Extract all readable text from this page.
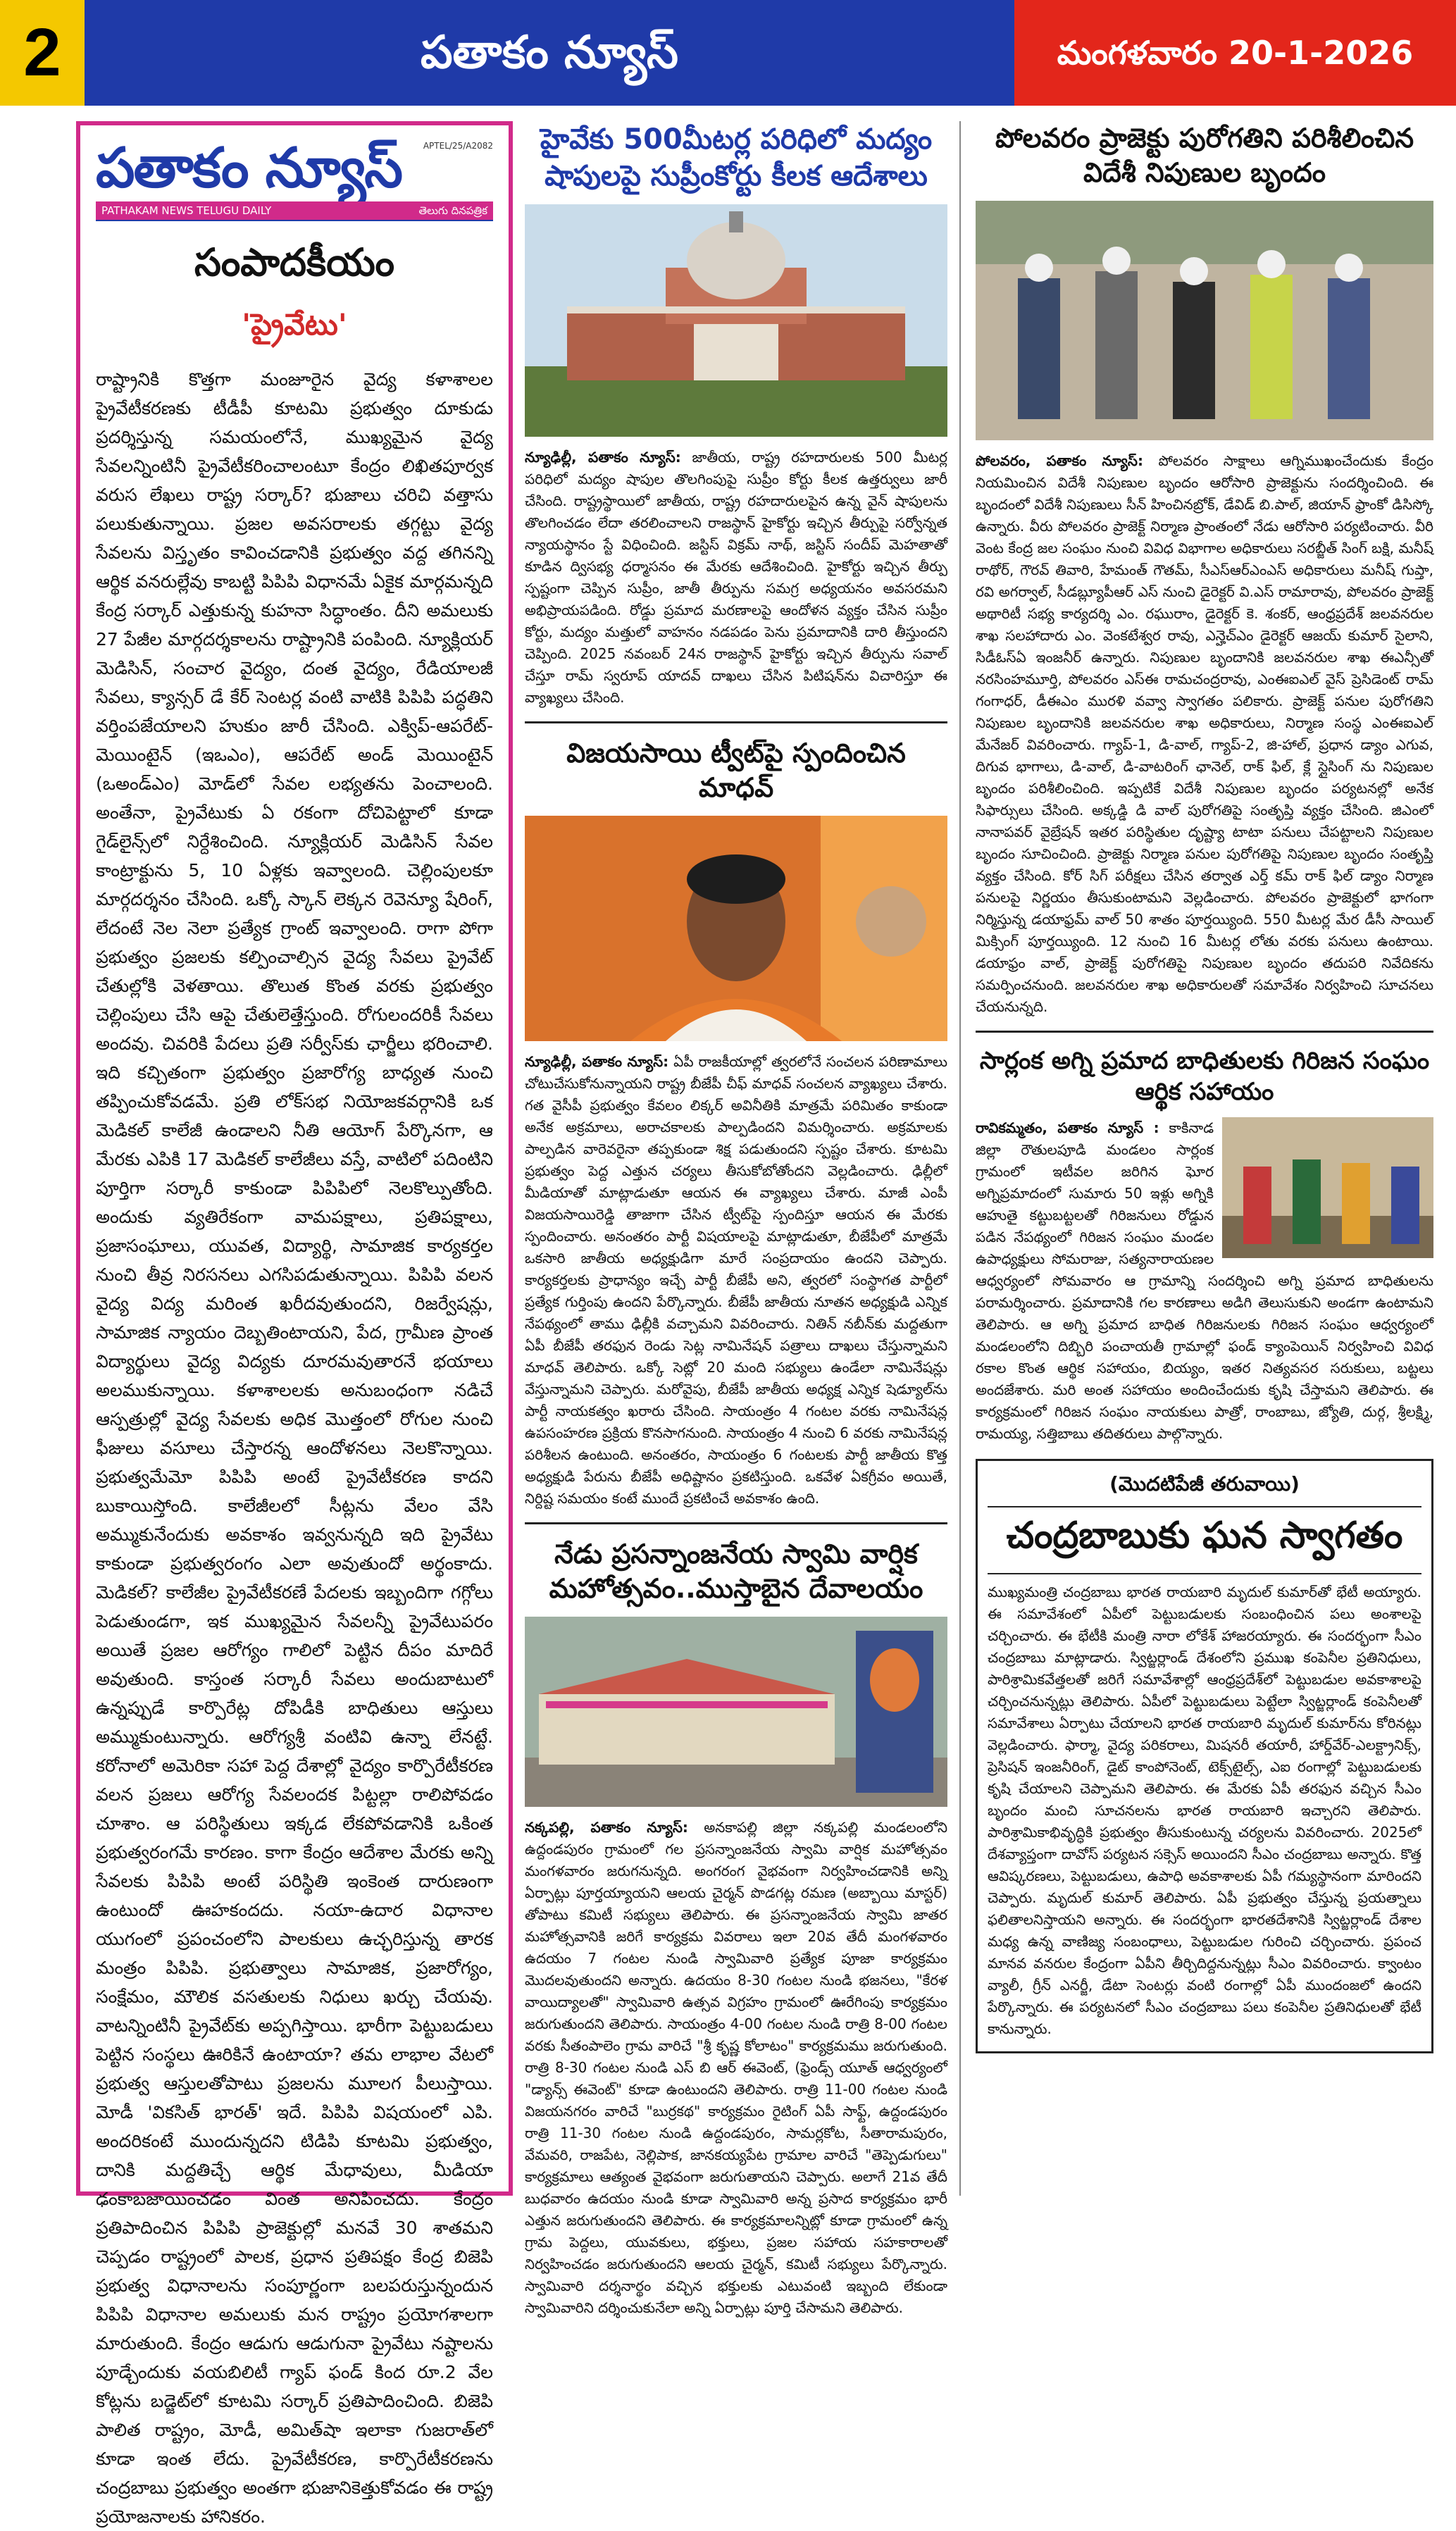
2	పతాకం న్యూస్	మంగళవారం 20-1-2026
పతాకం న్యూస్	APTEL/25/A2082
PATHAKAM NEWS TELUGU DAILY	తెలుగు దినపత్రిక
సంపాదకీయం
'ప్రైవేటు'
రాష్ట్రానికి కొత్తగా మంజూరైన వైద్య కళాశాలల ప్రైవేటీకరణకు టీడీపీ కూటమి ప్రభుత్వం దూకుడు ప్రదర్శిస్తున్న సమయంలోనే, ముఖ్యమైన వైద్య సేవలన్నింటినీ ప్రైవేటీకరించాలంటూ కేంద్రం లిఖితపూర్వక వరుస లేఖలు రాష్ట్ర సర్కార్‌? భుజాలు చరిచి వత్తాసు పలుకుతున్నాయి. ప్రజల అవసరాలకు తగ్గట్టు వైద్య సేవలను విస్తృతం కావించడానికి ప్రభుత్వం వద్ద తగినన్ని ఆర్థిక వనరుల్లేవు కాబట్టి పిపిపి విధానమే ఏకైక మార్గమన్నది కేంద్ర సర్కార్ ఎత్తుకున్న కుహనా సిద్ధాంతం. దీని అమలుకు 27 పేజీల మార్గదర్శకాలను రాష్ట్రానికి పంపింది. న్యూక్లియర్ మెడిసిన్, సంచార వైద్యం, దంత వైద్యం, రేడియాలజీ సేవలు, క్యాన్సర్ డే కేర్ సెంటర్ల వంటి వాటికి పిపిపి పద్ధతిని వర్తింపజేయాలని హుకుం జారీ చేసింది. ఎక్విప్-ఆపరేట్-మెయింటైన్ (ఇఒఎం), ఆపరేట్ అండ్ మెయింటైన్ (ఒఅండ్ఎం) మోడ్‌లో సేవల లభ్యతను పెంచాలంది. అంతేనా, ప్రైవేటుకు ఏ రకంగా దోచిపెట్టాలో కూడా గైడ్‌లైన్స్‌లో నిర్దేశించింది. న్యూక్లియర్ మెడిసిన్ సేవల కాంట్రాక్టును 5, 10 ఏళ్లకు ఇవ్వాలంది. చెల్లింపులకూ మార్గదర్శనం చేసింది. ఒక్కో స్కాన్ లెక్కన రెవెన్యూ షేరింగ్, లేదంటే నెల నెలా ప్రత్యేక గ్రాంట్ ఇవ్వాలంది. రాగా పోగా ప్రభుత్వం ప్రజలకు కల్పించాల్సిన వైద్య సేవలు ప్రైవేట్ చేతుల్లోకి వెళతాయి. తొలుత కొంత వరకు ప్రభుత్వం చెల్లింపులు చేసి ఆపై చేతులెత్తేస్తుంది. రోగులందరికీ సేవలు అందవు. చివరికి పేదలు ప్రతి సర్వీస్‌కు ఛార్జీలు భరించాలి. ఇది కచ్చితంగా ప్రభుత్వం ప్రజారోగ్య బాధ్యత నుంచి తప్పించుకోవడమే. ప్రతి లోక్‌సభ నియోజకవర్గానికి ఒక మెడికల్ కాలేజీ ఉండాలని నీతి ఆయోగ్ పేర్కొనగా, ఆ మేరకు ఎపికి 17 మెడికల్ కాలేజీలు వస్తే, వాటిలో పదింటిని పూర్తిగా సర్కారీ కాకుండా పిపిపిలో నెలకొల్పుతోంది. అందుకు వ్యతిరేకంగా వామపక్షాలు, ప్రతిపక్షాలు, ప్రజాసంఘాలు, యువత, విద్యార్థి, సామాజిక కార్యకర్తల నుంచి తీవ్ర నిరసనలు ఎగసిపడుతున్నాయి. పిపిపి వలన వైద్య విద్య మరింత ఖరీదవుతుందని, రిజర్వేషన్లు, సామాజిక న్యాయం దెబ్బతింటాయని, పేద, గ్రామీణ ప్రాంత విద్యార్థులు వైద్య విద్యకు దూరమవుతారనే భయాలు అలముకున్నాయి. కళాశాలలకు అనుబంధంగా నడిచే ఆస్పత్రుల్లో వైద్య సేవలకు అధిక మొత్తంలో రోగుల నుంచి ఫీజులు వసూలు చేస్తారన్న ఆందోళనలు నెలకొన్నాయి. ప్రభుత్వమేమో పిపిపి అంటే ప్రైవేటీకరణ కాదని బుకాయిస్తోంది. కాలేజీలలో సీట్లను వేలం వేసి అమ్ముకునేందుకు అవకాశం ఇవ్వనున్నది ఇది ప్రైవేటు కాకుండా ప్రభుత్వరంగం ఎలా అవుతుందో అర్థంకాదు. మెడికల్? కాలేజీల ప్రైవేటీకరణే పేదలకు ఇబ్బందిగా గగ్గోలు పెడుతుండగా, ఇక ముఖ్యమైన సేవలన్నీ ప్రైవేటుపరం అయితే ప్రజల ఆరోగ్యం గాలిలో పెట్టిన దీపం మాదిరే అవుతుంది. కాస్తంత సర్కారీ సేవలు అందుబాటులో ఉన్నప్పుడే కార్పొరేట్ల దోపిడీకి బాధితులు ఆస్తులు అమ్ముకుంటున్నారు. ఆరోగ్యశ్రీ వంటివి ఉన్నా లేనట్టే. కరోనాలో అమెరికా సహా పెద్ద దేశాల్లో వైద్యం కార్పొరేటీకరణ వలన ప్రజలు ఆరోగ్య సేవలందక పిట్టల్లా రాలిపోవడం చూశాం. ఆ పరిస్థితులు ఇక్కడ లేకపోవడానికి ఒకింత ప్రభుత్వరంగమే కారణం. కాగా కేంద్రం ఆదేశాల మేరకు అన్ని సేవలకు పిపిపి అంటే పరిస్థితి ఇంకెంత దారుణంగా ఉంటుందో ఊహకందదు. నయా-ఉదార విధానాల యుగంలో ప్రపంచంలోని పాలకులు ఉచ్ఛరిస్తున్న తారక మంత్రం పిపిపి. ప్రభుత్వాలు సామాజిక, ప్రజారోగ్యం, సంక్షేమం, మౌలిక వసతులకు నిధులు ఖర్చు చేయవు. వాటన్నింటినీ ప్రైవేట్‌కు అప్పగిస్తాయి. భారీగా పెట్టుబడులు పెట్టిన సంస్థలు ఊరికినే ఉంటాయా? తమ లాభాల వేటలో ప్రభుత్వ ఆస్తులతోపాటు ప్రజలను మూలగ పీలుస్తాయి. మోడీ 'వికసిత్ భారత్' ఇదే. పిపిపి విషయంలో ఎపి. అందరికంటే ముందున్నదని టిడిపి కూటమి ప్రభుత్వం, దానికి మద్దతిచ్చే ఆర్థిక మేధావులు, మీడియా ఢంకాబజాయించడం వింత అనిపించదు. కేంద్రం ప్రతిపాదించిన పిపిపి ప్రాజెక్టుల్లో మనవే 30 శాతమని చెప్పడం రాష్ట్రంలో పాలక, ప్రధాన ప్రతిపక్షం కేంద్ర బిజెపి ప్రభుత్వ విధానాలను సంపూర్ణంగా బలపరుస్తున్నందున పిపిపి విధానాల అమలుకు మన రాష్ట్రం ప్రయోగశాలగా మారుతుంది. కేంద్రం ఆడుగు ఆడుగునా ప్రైవేటు నష్టాలను పూడ్చేందుకు వయబిలిటీ గ్యాప్ ఫండ్ కింద రూ.2 వేల కోట్లను బడ్జెట్‌లో కూటమి సర్కార్ ప్రతిపాదించింది. బిజెపి పాలిత రాష్ట్రం, మోడీ, అమిత్‌షా ఇలాకా గుజరాత్‌లో కూడా ఇంత లేదు. ప్రైవేటీకరణ, కార్పొరేటీకరణను చంద్రబాబు ప్రభుత్వం అంతగా భుజానికెత్తుకోవడం ఈ రాష్ట్ర ప్రయోజనాలకు హానికరం.
హైవేకు 500మీటర్ల పరిధిలో మద్యం షాపులపై సుప్రీంకోర్టు కీలక ఆదేశాలు
న్యూఢిల్లీ, పతాకం న్యూస్: జాతీయ, రాష్ట్ర రహదారులకు 500 మీటర్ల పరిధిలో మద్యం షాపుల తొలగింపుపై సుప్రీం కోర్టు కీలక ఉత్తర్వులు జారీ చేసింది. రాష్ట్రస్థాయిలో జాతీయ, రాష్ట్ర రహదారులపైన ఉన్న వైన్ షాపులను తొలగించడం లేదా తరలించాలని రాజస్థాన్ హైకోర్టు ఇచ్చిన తీర్పుపై సర్వోన్నత న్యాయస్థానం స్టే విధించింది. జస్టిస్ విక్రమ్ నాథ్, జస్టిస్ సందీప్ మెహతాతో కూడిన ద్విసభ్య ధర్మాసనం ఈ మేరకు ఆదేశించింది. హైకోర్టు ఇచ్చిన తీర్పు స్పష్టంగా చెప్పిన సుప్రీం, జాతీ తీర్పును సమగ్ర అధ్యయనం అవసరమని అభిప్రాయపడింది. రోడ్డు ప్రమాద మరణాలపై ఆందోళన వ్యక్తం చేసిన సుప్రీం కోర్టు, మద్యం మత్తులో వాహనం నడపడం పెను ప్రమాదానికి దారి తీస్తుందని చెప్పింది. 2025 నవంబర్ 24న రాజస్థాన్ హైకోర్టు ఇచ్చిన తీర్పును సవాల్ చేస్తూ రామ్ స్వరూప్ యాదవ్ దాఖలు చేసిన పిటిషన్‌ను విచారిస్తూ ఈ వ్యాఖ్యలు చేసింది.
విజయసాయి ట్వీట్‌పై స్పందించిన మాధవ్
న్యూఢిల్లీ, పతాకం న్యూస్: ఏపీ రాజకీయాల్లో త్వరలోనే సంచలన పరిణామాలు చోటుచేసుకోనున్నాయని రాష్ట్ర బీజేపీ చీఫ్ మాధవ్ సంచలన వ్యాఖ్యలు చేశారు. గత వైసీపీ ప్రభుత్వం కేవలం లిక్కర్ అవినీతికి మాత్రమే పరిమితం కాకుండా అనేక అక్రమాలు, అరాచకాలకు పాల్పడిందని విమర్శించారు. అక్రమాలకు పాల్పడిన వారెవరైనా తప్పకుండా శిక్ష పడుతుందని స్పష్టం చేశారు. కూటమి ప్రభుత్వం పెద్ద ఎత్తున చర్యలు తీసుకోబోతోందని వెల్లడించారు. ఢిల్లీలో మీడియాతో మాట్లాడుతూ ఆయన ఈ వ్యాఖ్యలు చేశారు. మాజీ ఎంపీ విజయసాయిరెడ్డి తాజాగా చేసిన ట్వీట్‌పై స్పందిస్తూ ఆయన ఈ మేరకు స్పందించారు. అనంతరం పార్టీ విషయాలపై మాట్లాడుతూ, బీజేపీలో మాత్రమే ఒకసారి జాతీయ అధ్యక్షుడిగా మారే సంప్రదాయం ఉందని చెప్పారు. కార్యకర్తలకు ప్రాధాన్యం ఇచ్చే పార్టీ బీజేపీ అని, త్వరలో సంస్థాగత పార్టీలో ప్రత్యేక గుర్తింపు ఉందని పేర్కొన్నారు. బీజేపీ జాతీయ నూతన అధ్యక్షుడి ఎన్నిక నేపథ్యంలో తాము ఢిల్లీకి వచ్చామని వివరించారు. నితిన్ నబీన్‌కు మద్దతుగా ఏపీ బీజేపీ తరఫున రెండు సెట్ల నామినేషన్ పత్రాలు దాఖలు చేస్తున్నామని మాధవ్ తెలిపారు. ఒక్కో సెట్లో 20 మంది సభ్యులు ఉండేలా నామినేషన్లు వేస్తున్నామని చెప్పారు. మరోవైపు, బీజేపీ జాతీయ అధ్యక్ష ఎన్నిక షెడ్యూల్‌ను పార్టీ నాయకత్వం ఖరారు చేసింది. సాయంత్రం 4 గంటల వరకు నామినేషన్ల ఉపసంహరణ ప్రక్రియ కొనసాగనుంది. సాయంత్రం 4 నుంచి 6 వరకు నామినేషన్ల పరిశీలన ఉంటుంది. అనంతరం, సాయంత్రం 6 గంటలకు పార్టీ జాతీయ కొత్త అధ్యక్షుడి పేరును బీజేపీ అధిష్టానం ప్రకటిస్తుంది. ఒకవేళ ఏకగ్రీవం అయితే, నిర్దిష్ట సమయం కంటే ముందే ప్రకటించే అవకాశం ఉంది.
నేడు ప్రసన్నాంజనేయ స్వామి వార్షిక మహోత్సవం..ముస్తాబైన దేవాలయం
నక్కపల్లి, పతాకం న్యూస్: అనకాపల్లి జిల్లా నక్కపల్లి మండలంలోని ఉద్దండపురం గ్రామంలో గల ప్రసన్నాంజనేయ స్వామి వార్షిక మహోత్సవం మంగళవారం జరుగనున్నది. అంగరంగ వైభవంగా నిర్వహించడానికి అన్ని ఏర్పాట్లు పూర్తయ్యాయని ఆలయ చైర్మన్ పొడగట్ల రమణ (అబ్బాయి మాస్టర్) తోపాటు కమిటీ సభ్యులు తెలిపారు. ఈ ప్రసన్నాంజనేయ స్వామి జాతర మహోత్సవానికి జరిగే కార్యక్రమ వివరాలు ఇలా 20వ తేదీ మంగళవారం ఉదయం 7 గంటల నుండి స్వామివారి ప్రత్యేక పూజా కార్యక్రమం మొదలవుతుందని అన్నారు. ఉదయం 8-30 గంటల నుండి భజనలు, "కేరళ వాయిద్యాలతో" స్వామివారి ఉత్సవ విగ్రహం గ్రామంలో ఊరేగింపు కార్యక్రమం జరుగుతుందని తెలిపారు. సాయంత్రం 4-00 గంటల నుండి రాత్రి 8-00 గంటల వరకు సీతంపాలెం గ్రామ వారిచే "శ్రీ కృష్ణ కోలాటం" కార్యక్రమము జరుగుతుంది. రాత్రి 8-30 గంటల నుండి ఎస్ బి ఆర్ ఈవెంట్, (ఫ్రెండ్స్ యూత్ ఆధ్వర్యంలో "డ్యాన్స్ ఈవెంట్" కూడా ఉంటుందని తెలిపారు. రాత్రి 11-00 గంటల నుండి విజయనగరం వారిచే "బుర్రకథ" కార్యక్రమం రైటింగ్ ఏపీ సాఫ్ట్, ఉద్దండపురం రాత్రి 11-30 గంటల నుండి ఉద్దండపురం, సామర్లకోట, సీతారామపురం, వేమవరి, రాజపేట, నెల్లిపాక, జానకయ్యపేట గ్రామాల వారిచే "తెప్పెడుగులు" కార్యక్రమాలు ఆత్యంత వైభవంగా జరుగుతాయని చెప్పారు. అలాగే 21వ తేదీ బుధవారం ఉదయం నుండి కూడా స్వామివారి అన్న ప్రసాద కార్యక్రమం భారీ ఎత్తున జరుగుతుందని తెలిపారు. ఈ కార్యక్రమాలన్నిట్లో కూడా గ్రామంలో ఉన్న గ్రామ పెద్దలు, యువకులు, భక్తులు, ప్రజల సహాయ సహకారాలతో నిర్వహించడం జరుగుతుందని ఆలయ చైర్మన్, కమిటీ సభ్యులు పేర్కొన్నారు. స్వామివారి దర్శనార్థం వచ్చిన భక్తులకు ఎటువంటి ఇబ్బంది లేకుండా స్వామివారిని దర్శించుకునేలా అన్ని ఏర్పాట్లు పూర్తి చేసామని తెలిపారు.
పోలవరం ప్రాజెక్టు పురోగతిని పరిశీలించిన విదేశీ నిపుణుల బృందం
పోలవరం, పతాకం న్యూస్: పోలవరం సాక్షాలు ఆగ్నిముఖంచేందుకు కేంద్రం నియమించిన విదేశీ నిపుణుల బృందం ఆరోసారి ప్రాజెక్టును సందర్శించింది. ఈ బృందంలో విదేశీ నిపుణులు సీన్ హించినబ్రోక్, డేవిడ్ బి.పాల్, జియాన్ ఫ్రాంకో డిసిస్కో ఉన్నారు. వీరు పోలవరం ప్రాజెక్ట్ నిర్మాణ ప్రాంతంలో నేడు ఆరోసారి పర్యటించారు. వీరి వెంట కేంద్ర జల సంఘం నుంచి వివిధ విభాగాల అధికారులు సరబ్జీత్ సింగ్ బక్షి, మనీష్ రాథోర్, గౌరవ్ తివారి, హేమంత్ గౌతమ్, సీఎస్ఆర్ఎంఎస్ అధికారులు మనీష్ గుప్తా, రవి అగర్వాల్, సీడబ్ల్యూపీఆర్ ఎస్ నుంచి డైరెక్టర్ వి.ఎస్ రామారావు, పోలవరం ప్రాజెక్ట్ అథారిటీ సభ్య కార్యదర్శి ఎం. రఘురాం, డైరెక్టర్ కె. శంకర్, ఆంధ్రప్రదేశ్ జలవనరుల శాఖ సలహాదారు ఎం. వెంకటేశ్వర రావు, ఎన్హెచ్ఎం డైరెక్టర్ ఆజయ్ కుమార్ సైలాని, సిడీఓస్ఏ ఇంజనీర్ ఉన్నారు. నిపుణుల బృందానికి జలవనరుల శాఖ ఈఎన్సీతో నరసింహమూర్తి, పోలవరం ఎస్‌ఈ రామచంద్రరావు, ఎంఈఐఎల్ వైస్ ప్రెసిడెంట్ రామ్ గంగాధర్, డీఈఎం మురళి వవ్వా స్వాగతం పలికారు. ప్రాజెక్ట్ పనుల పురోగతిని నిపుణుల బృందానికి జలవనరుల శాఖ అధికారులు, నిర్మాణ సంస్థ ఎంఈఐఎల్ మేనేజర్ వివరించారు. గ్యాప్-1, డి-వాల్, గ్యాప్-2, జి-హాల్, ప్రధాన డ్యాం ఎగువ, దిగువ భాగాలు, డి-వాల్, డి-వాటరింగ్ ఛానెల్, రాక్ ఫిల్, క్లే స్లైసింగ్ ను నిపుణుల బృందం పరిశీలించింది. ఇప్పటికే విదేశీ నిపుణుల బృందం పర్యటనల్లో అనేక సిఫార్సులు చేసింది. అక్కడ్డి డి వాల్ పురోగతిపై సంతృప్తి వ్యక్తం చేసింది. జిఎంలో నానాపవర్ వైబ్రేషన్ ఇతర పరిస్థితుల దృష్ట్యా టాటా పనులు చేపట్టాలని నిపుణుల బృందం సూచించింది. ప్రాజెక్టు నిర్మాణ పనుల పురోగతిపై నిపుణుల బృందం సంతృప్తి వ్యక్తం చేసింది. కోర్ సిగ్ పరీక్షలు చేసిన తర్వాత ఎర్త్ కమ్ రాక్ ఫిల్ డ్యాం నిర్మాణ పనులపై నిర్ణయం తీసుకుంటామని వెల్లడించారు. పోలవరం ప్రాజెక్టులో భాగంగా నిర్మిస్తున్న డయాఫ్రమ్ వాల్ 50 శాతం పూర్తయ్యింది. 550 మీటర్ల మేర డీసీ సాయిల్ మిక్సింగ్ పూర్తయ్యింది. 12 నుంచి 16 మీటర్ల లోతు వరకు పనులు ఉంటాయి. డయాఫ్రం వాల్, ప్రాజెక్ట్ పురోగతిపై నిపుణుల బృందం తదుపరి నివేదికను సమర్పించనుంది. జలవనరుల శాఖ అధికారులతో సమావేశం నిర్వహించి సూచనలు చేయనున్నది.
సార్లంక అగ్ని ప్రమాద బాధితులకు గిరిజన సంఘం ఆర్థిక సహాయం
రావికమ్మతం, పతాకం న్యూస్ : కాకినాడ జిల్లా రౌతులపూడి మండలం సార్లంక గ్రామంలో ఇటీవల జరిగిన ఘోర అగ్నిప్రమాదంలో సుమారు 50 ఇళ్లు అగ్నికి ఆహుతై కట్టుబట్టలతో గిరిజనులు రోడ్డున పడిన నేపథ్యంలో గిరిజన సంఘం మండల ఉపాధ్యక్షులు సోమరాజు, సత్యనారాయణల ఆధ్వర్యంలో సోమవారం ఆ గ్రామాన్ని సందర్శించి అగ్ని ప్రమాద బాధితులను పరామర్శించారు. ప్రమాదానికి గల కారణాలు అడిగి తెలుసుకుని అండగా ఉంటామని తెలిపారు. ఆ అగ్ని ప్రమాద బాధిత గిరిజనులకు గిరిజన సంఘం ఆధ్వర్యంలో మండలంలోని దిబ్బిరి పంచాయతీ గ్రామాల్లో ఫండ్ క్యాంపెయిన్ నిర్వహించి వివిధ రకాల కొంత ఆర్థిక సహాయం, బియ్యం, ఇతర నిత్యవసర సరుకులు, బట్టలు అందజేశారు. మరి అంత సహాయం అందించేందుకు కృషి చేస్తామని తెలిపారు. ఈ కార్యక్రమంలో గిరిజన సంఘం నాయకులు పాత్రో, రాంబాబు, జ్యోతి, దుర్గ, శ్రీలక్ష్మి, రామయ్య, సత్తిబాబు తదితరులు పాల్గొన్నారు.
(మొదటిపేజీ తరువాయి)
చంద్రబాబుకు ఘన స్వాగతం
ముఖ్యమంత్రి చంద్రబాబు భారత రాయబారి మృదుల్ కుమార్‌తో భేటీ అయ్యారు. ఈ సమావేశంలో ఏపీలో పెట్టుబడులకు సంబంధించిన పలు అంశాలపై చర్చించారు. ఈ భేటీకి మంత్రి నారా లోకేశ్ హాజరయ్యారు. ఈ సందర్భంగా సీఎం చంద్రబాబు మాట్లాడారు. స్విట్జర్లాండ్ దేశంలోని ప్రముఖ కంపెనీల ప్రతినిధులు, పారిశ్రామికవేత్తలతో జరిగే సమావేశాల్లో ఆంధ్రప్రదేశ్‌లో పెట్టుబడుల అవకాశాలపై చర్చించనున్నట్లు తెలిపారు. ఏపీలో పెట్టుబడులు పెట్టేలా స్విట్జర్లాండ్ కంపెనీలతో సమావేశాలు ఏర్పాటు చేయాలని భారత రాయబారి మృదుల్ కుమార్‌ను కోరినట్లు వెల్లడించారు. ఫార్మా, వైద్య పరికరాలు, మిషనరీ తయారీ, హార్డ్‌వేర్-ఎలక్ట్రానిక్స్, ప్రెసిషన్ ఇంజనీరింగ్, డైట్ కాంపోనెంట్, టెక్స్‌టైల్స్, ఎఐ రంగాల్లో పెట్టుబడులకు కృషి చేయాలని చెప్పామని తెలిపారు. ఈ మేరకు ఏపీ తరఫున వచ్చిన సీఎం బృందం మంచి సూచనలను భారత రాయబారి ఇచ్చారని తెలిపారు. పారిశ్రామికాభివృద్ధికి ప్రభుత్వం తీసుకుంటున్న చర్యలను వివరించారు. 2025లో దేశవ్యాప్తంగా దావోస్ పర్యటన సక్సెస్ అయిందని సీఎం చంద్రబాబు అన్నారు. కొత్త ఆవిష్కరణలు, పెట్టుబడులు, ఉపాధి అవకాశాలకు ఏపీ గమ్యస్థానంగా మారిందని చెప్పారు. మృదుల్ కుమార్ తెలిపారు. ఏపీ ప్రభుత్వం చేస్తున్న ప్రయత్నాలు ఫలితాలనిస్తాయని అన్నారు. ఈ సందర్భంగా భారతదేశానికి స్విట్జర్లాండ్ దేశాల మధ్య ఉన్న వాణిజ్య సంబంధాలు, పెట్టుబడుల గురించి చర్చించారు. ప్రపంచ మానవ వనరుల కేంద్రంగా ఏపీని తీర్చిదిద్దనున్నట్లు సీఎం వివరించారు. క్వాంటం వ్యాలీ, గ్రీన్ ఎనర్జీ, డేటా సెంటర్లు వంటి రంగాల్లో ఏపీ ముందంజలో ఉందని పేర్కొన్నారు. ఈ పర్యటనలో సీఎం చంద్రబాబు పలు కంపెనీల ప్రతినిధులతో భేటీ కానున్నారు.
